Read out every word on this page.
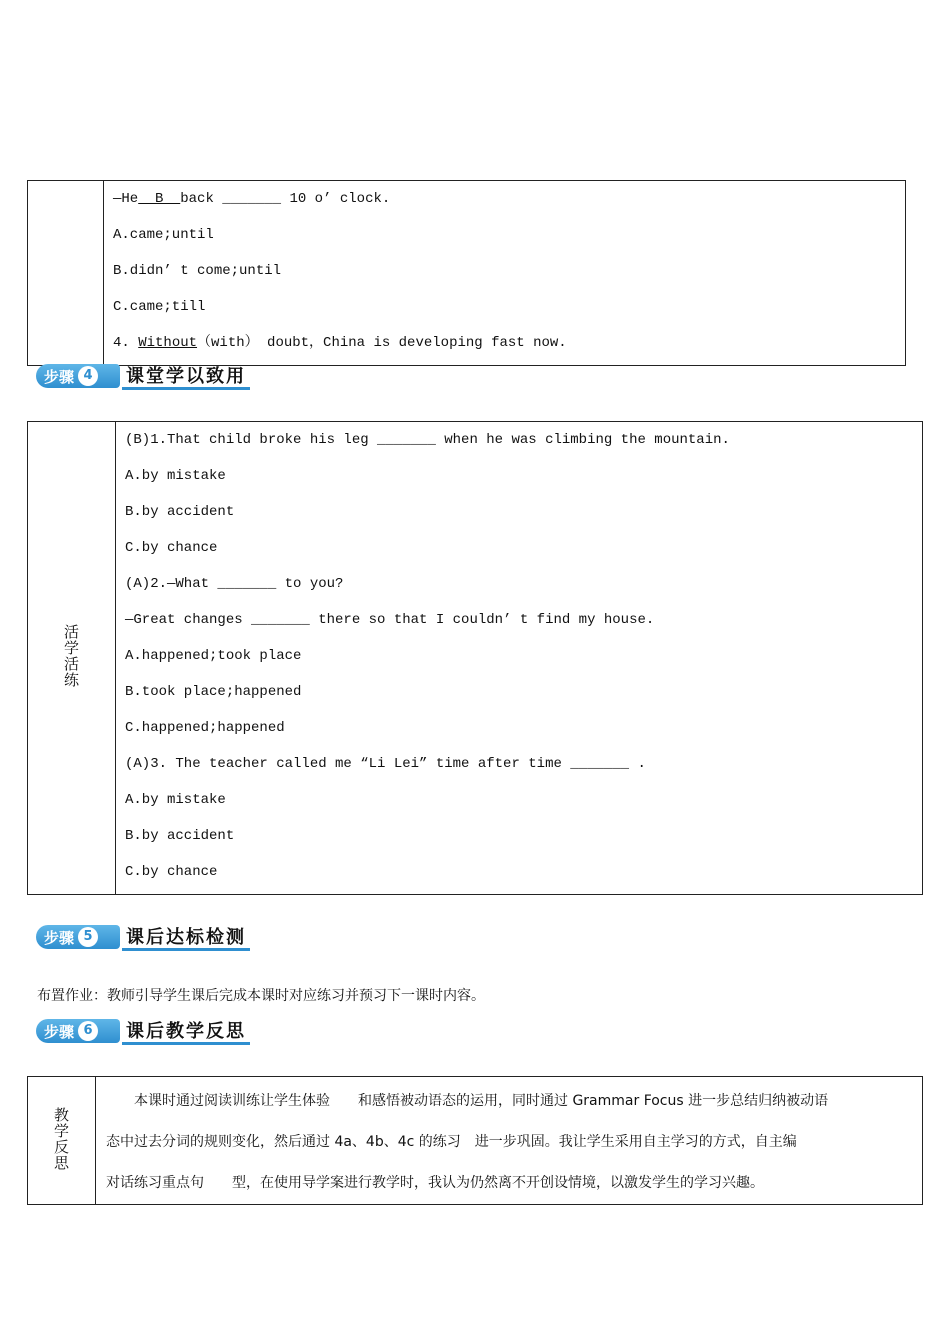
—He  B  back _______ 10 o’ clock.
A.came;until
B.didn’ t come;until
C.came;till
4. Without（with） doubt，China is developing fast now.
步骤 4	课堂学以致用
活学活练	
(B)1.That child broke his leg _______ when he was climbing the mountain.
A.by mistake
B.by accident
C.by chance
(A)2.—What _______ to you?
—Great changes _______ there so that I couldn’ t find my house.
A.happened;took place
B.took place;happened
C.happened;happened
(A)3. The teacher called me “Li Lei” time after time _______ .
A.by mistake
B.by accident
C.by chance
步骤 5	课后达标检测
布置作业：教师引导学生课后完成本课时对应练习并预习下一课时内容。
步骤 6	课后教学反思
教学反思	
　　本课时通过阅读训练让学生体验　　和感悟被动语态的运用，同时通过 Grammar Focus 进一步总结归纳被动语
态中过去分词的规则变化，然后通过 4a、4b、4c 的练习　进一步巩固。我让学生采用自主学习的方式，自主编
对话练习重点句　　型，在使用导学案进行教学时，我认为仍然离不开创设情境，以激发学生的学习兴趣。
